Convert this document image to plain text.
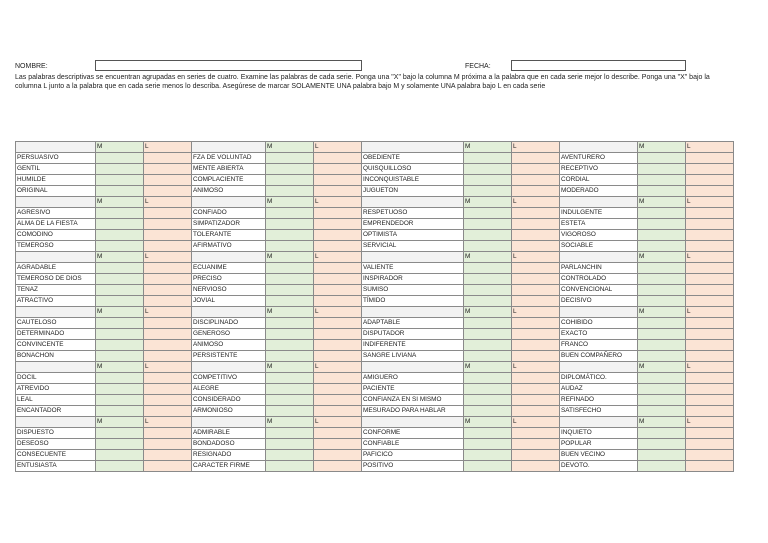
NOMBRE:	FECHA:
Las palabras descriptivas se encuentran agrupadas en series de cuatro. Examine las palabras de cada serie. Ponga una "X" bajo la columna M próxima a la palabra que en cada serie mejor lo describe. Ponga una "X" bajo la columna L junto a la palabra que en cada serie menos lo describa. Asegúrese de marcar SOLAMENTE UNA palabra bajo M y solamente UNA palabra bajo L en cada serie
	M	L		M	L		M	L		M	L
PERSUASIVO			FZA DE VOLUNTAD			OBEDIENTE			AVENTURERO		
GENTIL			MENTE ABIERTA			QUISQUILLOSO			RECEPTIVO		
HUMILDE			COMPLACIENTE			INCONQUISTABLE			CORDIAL		
ORIGINAL			ANIMOSO			JUGUETON			MODERADO		
	M	L		M	L		M	L		M	L
AGRESIVO			CONFIADO			RESPETUOSO			INDULGENTE		
ALMA DE LA FIESTA			SIMPATIZADOR			EMPRENDEDOR			ESTETA		
COMODINO			TOLERANTE			OPTIMISTA			VIGOROSO		
TEMEROSO			AFIRMATIVO			SERVICIAL			SOCIABLE		
	M	L		M	L		M	L		M	L
AGRADABLE			ECUANIME			VALIENTE			PARLANCHIN		
TEMEROSO DE DIOS			PRECISO			INSPIRADOR			CONTROLADO		
TENAZ			NERVIOSO			SUMISO			CONVENCIONAL		
ATRACTIVO			JOVIAL			TÍMIDO			DECISIVO		
	M	L		M	L		M	L		M	L
CAUTELOSO			DISCIPLINADO			ADAPTABLE			COHIBIDO		
DETERMINADO			GENEROSO			DISPUTADOR			EXACTO		
CONVINCENTE			ANIMOSO			INDIFERENTE			FRANCO		
BONACHON			PERSISTENTE			SANGRE LIVIANA			BUEN COMPAÑERO		
	M	L		M	L		M	L		M	L
DOCIL			COMPETITIVO			AMIGUERO			DIPLOMÁTICO.		
ATREVIDO			ALEGRE			PACIENTE			AUDAZ		
LEAL			CONSIDERADO			CONFIANZA EN SI MISMO			REFINADO		
ENCANTADOR			ARMONIOSO			MESURADO PARA HABLAR			SATISFECHO		
	M	L		M	L		M	L		M	L
DISPUESTO			ADMIRABLE			CONFORME			INQUIETO		
DESEOSO			BONDADOSO			CONFIABLE			POPULAR		
CONSECUENTE			RESIGNADO			PAFICICO			BUEN VECINO		
ENTUSIASTA			CARACTER FIRME			POSITIVO			DEVOTO.		
